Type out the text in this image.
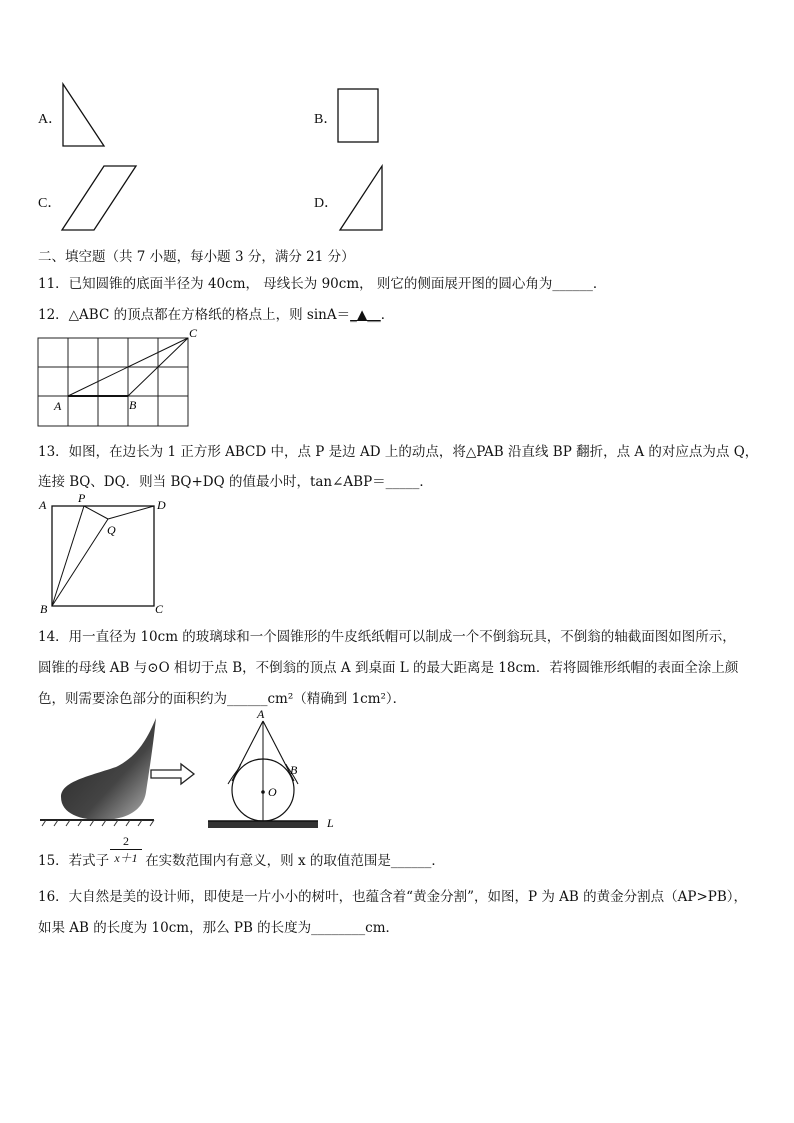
A．	B．
C．	D．
二、填空题（共 7 小题，每小题 3 分，满分 21 分）
11．已知圆锥的底面半径为 40cm， 母线长为 90cm， 则它的侧面展开图的圆心角为______．
12．△ABC 的顶点都在方格纸的格点上，则 sinA＝_▲__．
A	B
C
13．如图，在边长为 1 正方形 ABCD 中，点 P 是边 AD 上的动点，将△PAB 沿直线 BP 翻折，点 A 的对应点为点 Q，
连接 BQ、DQ．则当 BQ+DQ 的值最小时，tan∠ABP＝_____．
A	P	D
Q
B	C
14．用一直径为 10cm 的玻璃球和一个圆锥形的牛皮纸纸帽可以制成一个不倒翁玩具，不倒翁的轴截面图如图所示，
圆锥的母线 AB 与⊙O 相切于点 B，不倒翁的顶点 A 到桌面 L 的最大距离是 18cm．若将圆锥形纸帽的表面全涂上颜
色，则需要涂色部分的面积约为______cm²（精确到 1cm²）．
A
B
O
L
15．若式子	在实数范围内有意义，则 x 的取值范围是______．
2
x＋1
16．大自然是美的设计师，即使是一片小小的树叶，也蕴含着“黄金分割”，如图，P 为 AB 的黄金分割点（AP>PB），
如果 AB 的长度为 10cm，那么 PB 的长度为________cm．
